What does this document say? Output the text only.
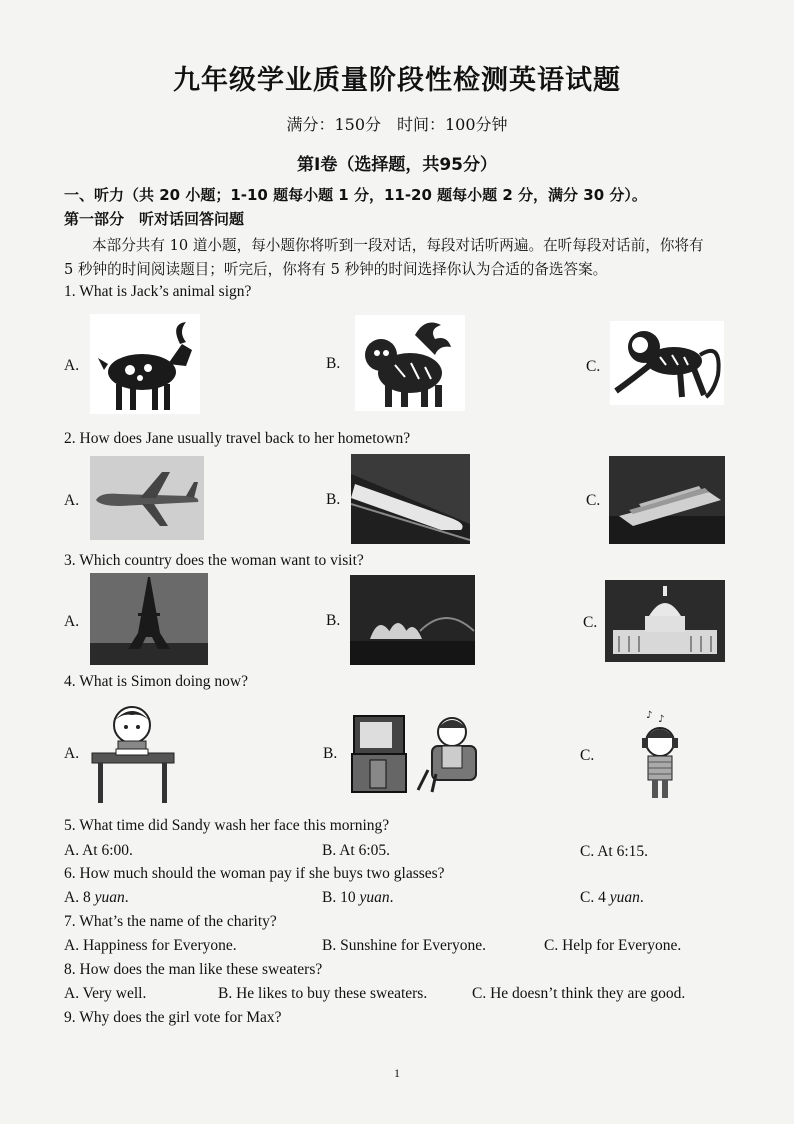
九年级学业质量阶段性检测英语试题
满分：150分　时间：100分钟
第Ⅰ卷（选择题，共95分）
一、听力（共 20 小题；1-10 题每小题 1 分，11-20 题每小题 2 分，满分 30 分）。
第一部分　听对话回答问题
本部分共有 10 道小题，每小题你将听到一段对话，每段对话听两遍。在听每段对话前，你将有
5 秒钟的时间阅读题目；听完后，你将有 5 秒钟的时间选择你认为合适的备选答案。
1. What is Jack’s animal sign?
A.	B.	C.
2. How does Jane usually travel back to her hometown?
A.	B.	C.
3. Which country does the woman want to visit?
A.	B.	C.
4. What is Simon doing now?
A.	B.	C.
♪ ♪
5. What time did Sandy wash her face this morning?
A. At 6:00.	B. At 6:05.	C. At 6:15.
6. How much should the woman pay if she buys two glasses?
A. 8 yuan.	B. 10 yuan.	C. 4 yuan.
7. What’s the name of the charity?
A. Happiness for Everyone.	B. Sunshine for Everyone.	C. Help for Everyone.
8. How does the man like these sweaters?
A. Very well.	B. He likes to buy these sweaters.	C. He doesn’t think they are good.
9. Why does the girl vote for Max?
1
